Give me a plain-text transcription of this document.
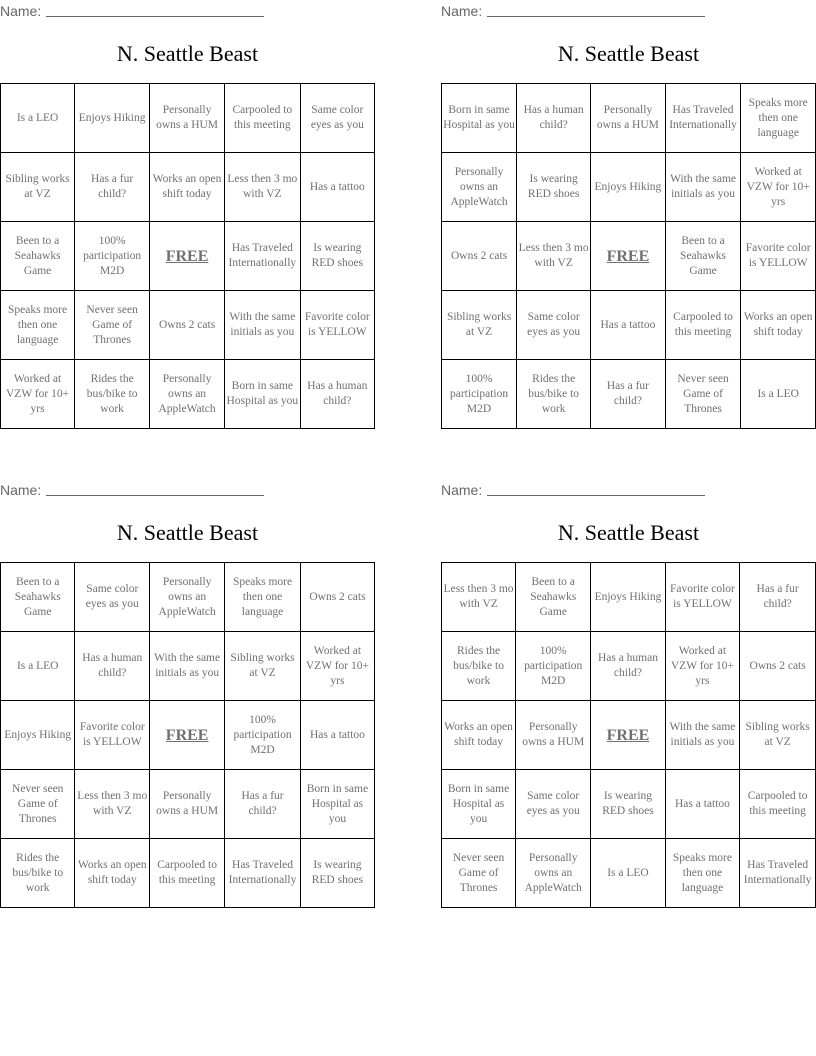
Name:
N. Seattle Beast
Is a LEO	Enjoys Hiking	Personally owns a HUM	Carpooled to this meeting	Same color eyes as you
Sibling works at VZ	Has a fur child?	Works an open shift today	Less then 3 mo with VZ	Has a tattoo
Been to a Seahawks Game	100% participation M2D	FREE	Has Traveled Internationally	Is wearing RED shoes
Speaks more then one language	Never seen Game of Thrones	Owns 2 cats	With the same initials as you	Favorite color is YELLOW
Worked at VZW for 10+ yrs	Rides the bus/bike to work	Personally owns an AppleWatch	Born in same Hospital as you	Has a human child?
Name:
N. Seattle Beast
Born in same Hospital as you	Has a human child?	Personally owns a HUM	Has Traveled Internationally	Speaks more then one language
Personally owns an AppleWatch	Is wearing RED shoes	Enjoys Hiking	With the same initials as you	Worked at VZW for 10+ yrs
Owns 2 cats	Less then 3 mo with VZ	FREE	Been to a Seahawks Game	Favorite color is YELLOW
Sibling works at VZ	Same color eyes as you	Has a tattoo	Carpooled to this meeting	Works an open shift today
100% participation M2D	Rides the bus/bike to work	Has a fur child?	Never seen Game of Thrones	Is a LEO
Name:
N. Seattle Beast
Been to a Seahawks Game	Same color eyes as you	Personally owns an AppleWatch	Speaks more then one language	Owns 2 cats
Is a LEO	Has a human child?	With the same initials as you	Sibling works at VZ	Worked at VZW for 10+ yrs
Enjoys Hiking	Favorite color is YELLOW	FREE	100% participation M2D	Has a tattoo
Never seen Game of Thrones	Less then 3 mo with VZ	Personally owns a HUM	Has a fur child?	Born in same Hospital as you
Rides the bus/bike to work	Works an open shift today	Carpooled to this meeting	Has Traveled Internationally	Is wearing RED shoes
Name:
N. Seattle Beast
Less then 3 mo with VZ	Been to a Seahawks Game	Enjoys Hiking	Favorite color is YELLOW	Has a fur child?
Rides the bus/bike to work	100% participation M2D	Has a human child?	Worked at VZW for 10+ yrs	Owns 2 cats
Works an open shift today	Personally owns a HUM	FREE	With the same initials as you	Sibling works at VZ
Born in same Hospital as you	Same color eyes as you	Is wearing RED shoes	Has a tattoo	Carpooled to this meeting
Never seen Game of Thrones	Personally owns an AppleWatch	Is a LEO	Speaks more then one language	Has Traveled Internationally
